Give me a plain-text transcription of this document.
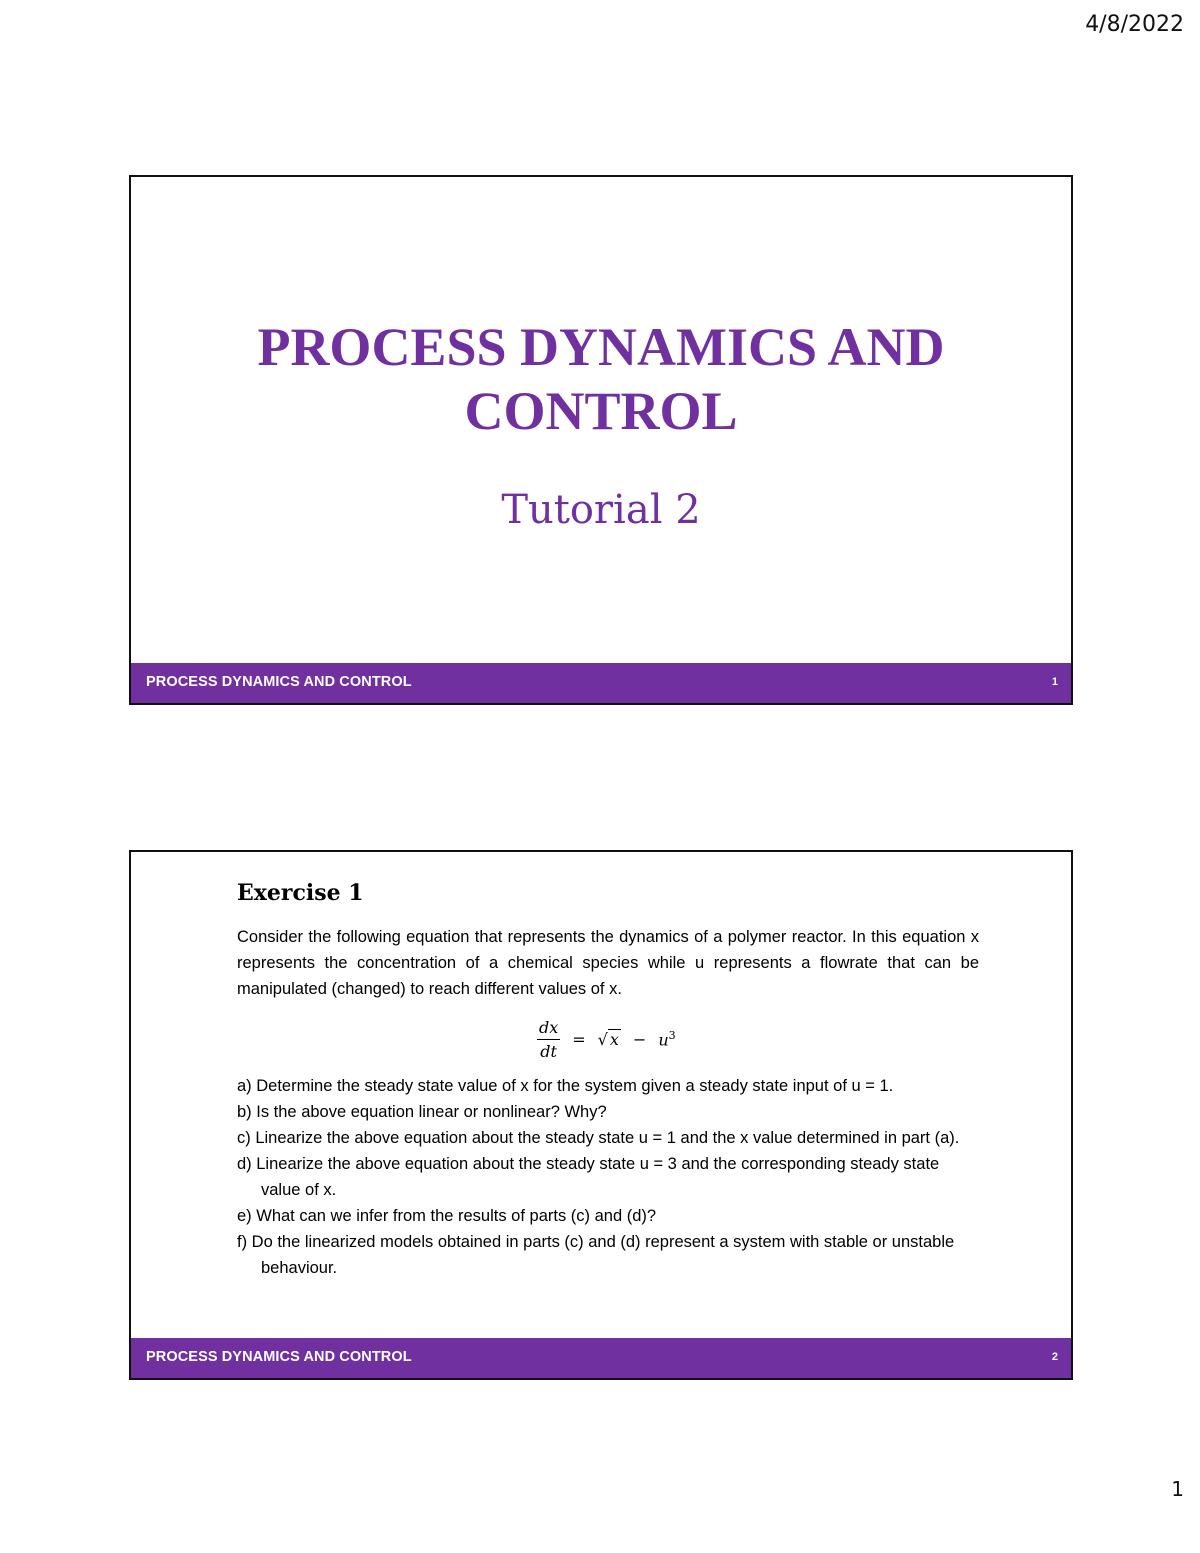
4/8/2022
PROCESS DYNAMICS AND CONTROL
Tutorial 2
PROCESS DYNAMICS AND CONTROL	1
Exercise 1
Consider the following equation that represents the dynamics of a polymer reactor. In this equation x represents the concentration of a chemical species while u represents a flowrate that can be manipulated (changed) to reach different values of x.
$\frac{dx}{dt}$ = √ $x - u^3$
a) Determine the steady state value of x for the system given a steady state input of u = 1.
b) Is the above equation linear or nonlinear? Why?
c) Linearize the above equation about the steady state u = 1 and the x value determined in part (a).
d) Linearize the above equation about the steady state u = 3 and the corresponding steady state value of x.
e) What can we infer from the results of parts (c) and (d)?
f) Do the linearized models obtained in parts (c) and (d) represent a system with stable or unstable behaviour.
PROCESS DYNAMICS AND CONTROL	2
1
